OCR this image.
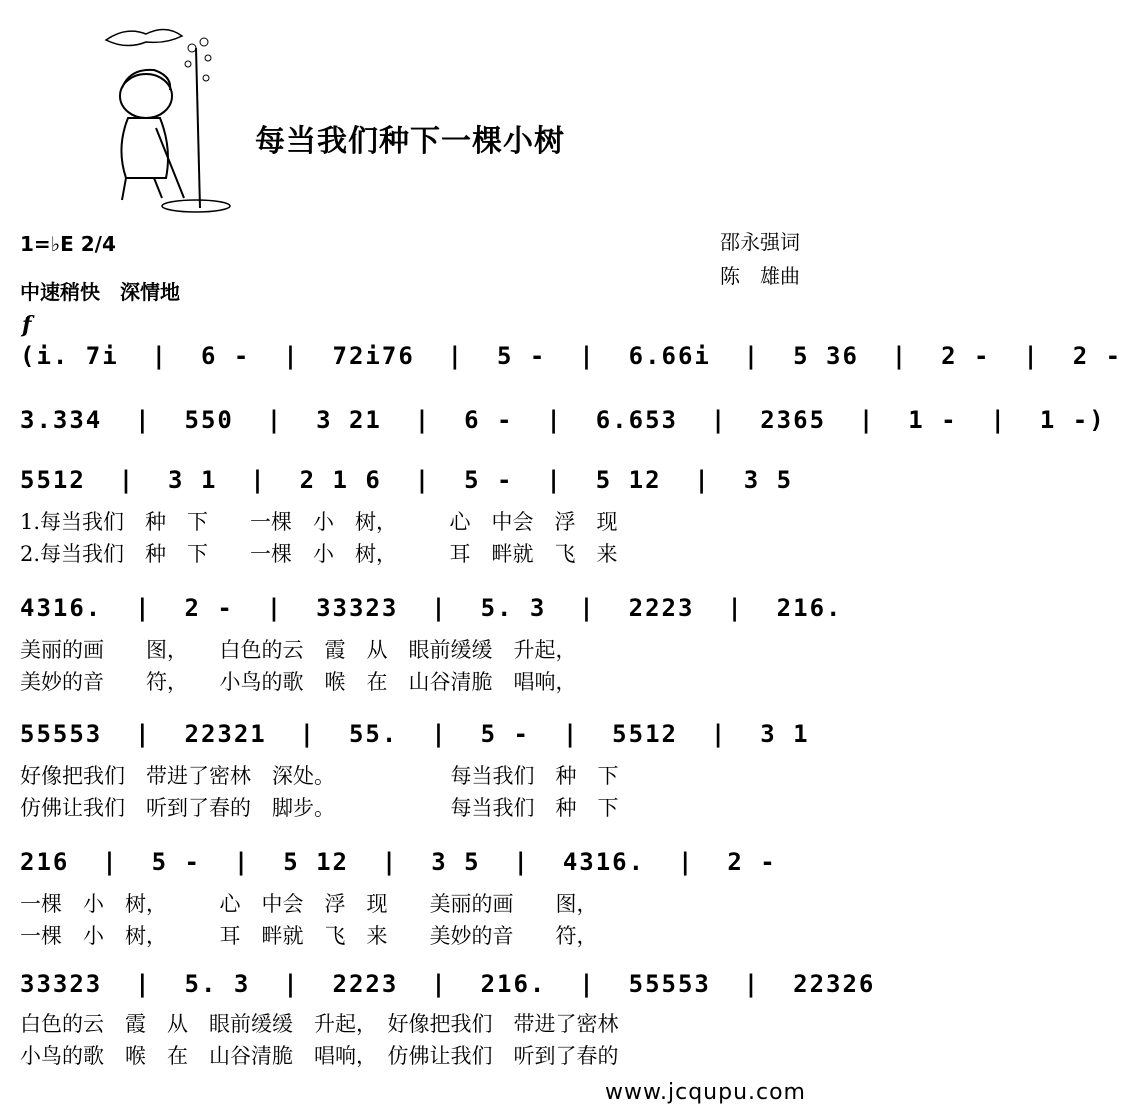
每当我们种下一棵小树
1=♭E 2/4
中速稍快　深情地
邵永强词
陈　雄曲
f
(i. 7i  |  6 -  |  72i76  |  5 -  |  6.66i  |  5 36  |  2 -  |  2 -
3.334  |  550  |  3 21  |  6 -  |  6.653  |  2365  |  1 -  |  1 -)
5512  |  3 1  |  2 1 6  |  5 -  |  5 12  |  3 5
1.每当我们　种　下　　一棵　小　树，　　　心　中会　浮　现
2.每当我们　种　下　　一棵　小　树，　　　耳　畔就　飞　来
4316.  |  2 -  |  33323  |  5. 3  |  2223  |  216.
美丽的画　　图，　　白色的云　霞　从　眼前缓缓　升起，
美妙的音　　符，　　小鸟的歌　喉　在　山谷清脆　唱响，
55553  |  22321  |  55.  |  5 -  |  5512  |  3 1
好像把我们　带进了密林　深处。　　　　　　每当我们　种　下
仿佛让我们　听到了春的　脚步。　　　　　　每当我们　种　下
216  |  5 -  |  5 12  |  3 5  |  4316.  |  2 -
一棵　小　树，　　　心　中会　浮　现　　美丽的画　　图，
一棵　小　树，　　　耳　畔就　飞　来　　美妙的音　　符，
33323  |  5. 3  |  2223  |  216.  |  55553  |  22326
白色的云　霞　从　眼前缓缓　升起，　好像把我们　带进了密林
小鸟的歌　喉　在　山谷清脆　唱响，　仿佛让我们　听到了春的
www.jcqupu.com
